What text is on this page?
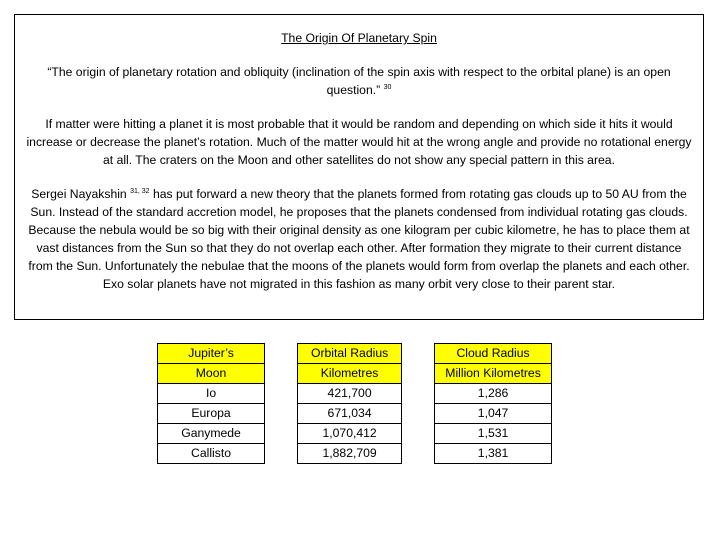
The Origin Of Planetary Spin
“The origin of planetary rotation and obliquity (inclination of the spin axis with respect to the orbital plane) is an open question.” $^{30}$
If matter were hitting a planet it is most probable that it would be random and depending on which side it hits it would increase or decrease the planet’s rotation. Much of the matter would hit at the wrong angle and provide no rotational energy at all. The craters on the Moon and other satellites do not show any special pattern in this area.
Sergei Nayakshin $^{31, 32}$ has put forward a new theory that the planets formed from rotating gas clouds up to 50 AU from the Sun. Instead of the standard accretion model, he proposes that the planets condensed from individual rotating gas clouds. Because the nebula would be so big with their original density as one kilogram per cubic kilometre, he has to place them at vast distances from the Sun so that they do not overlap each other. After formation they migrate to their current distance from the Sun. Unfortunately the nebulae that the moons of the planets would form from overlap the planets and each other. Exo solar planets have not migrated in this fashion as many orbit very close to their parent star.
Jupiter’s		Orbital Radius		Cloud Radius
Moon		Kilometres		Million Kilometres
Io		421,700		1,286
Europa		671,034		1,047
Ganymede		1,070,412		1,531
Callisto		1,882,709		1,381
